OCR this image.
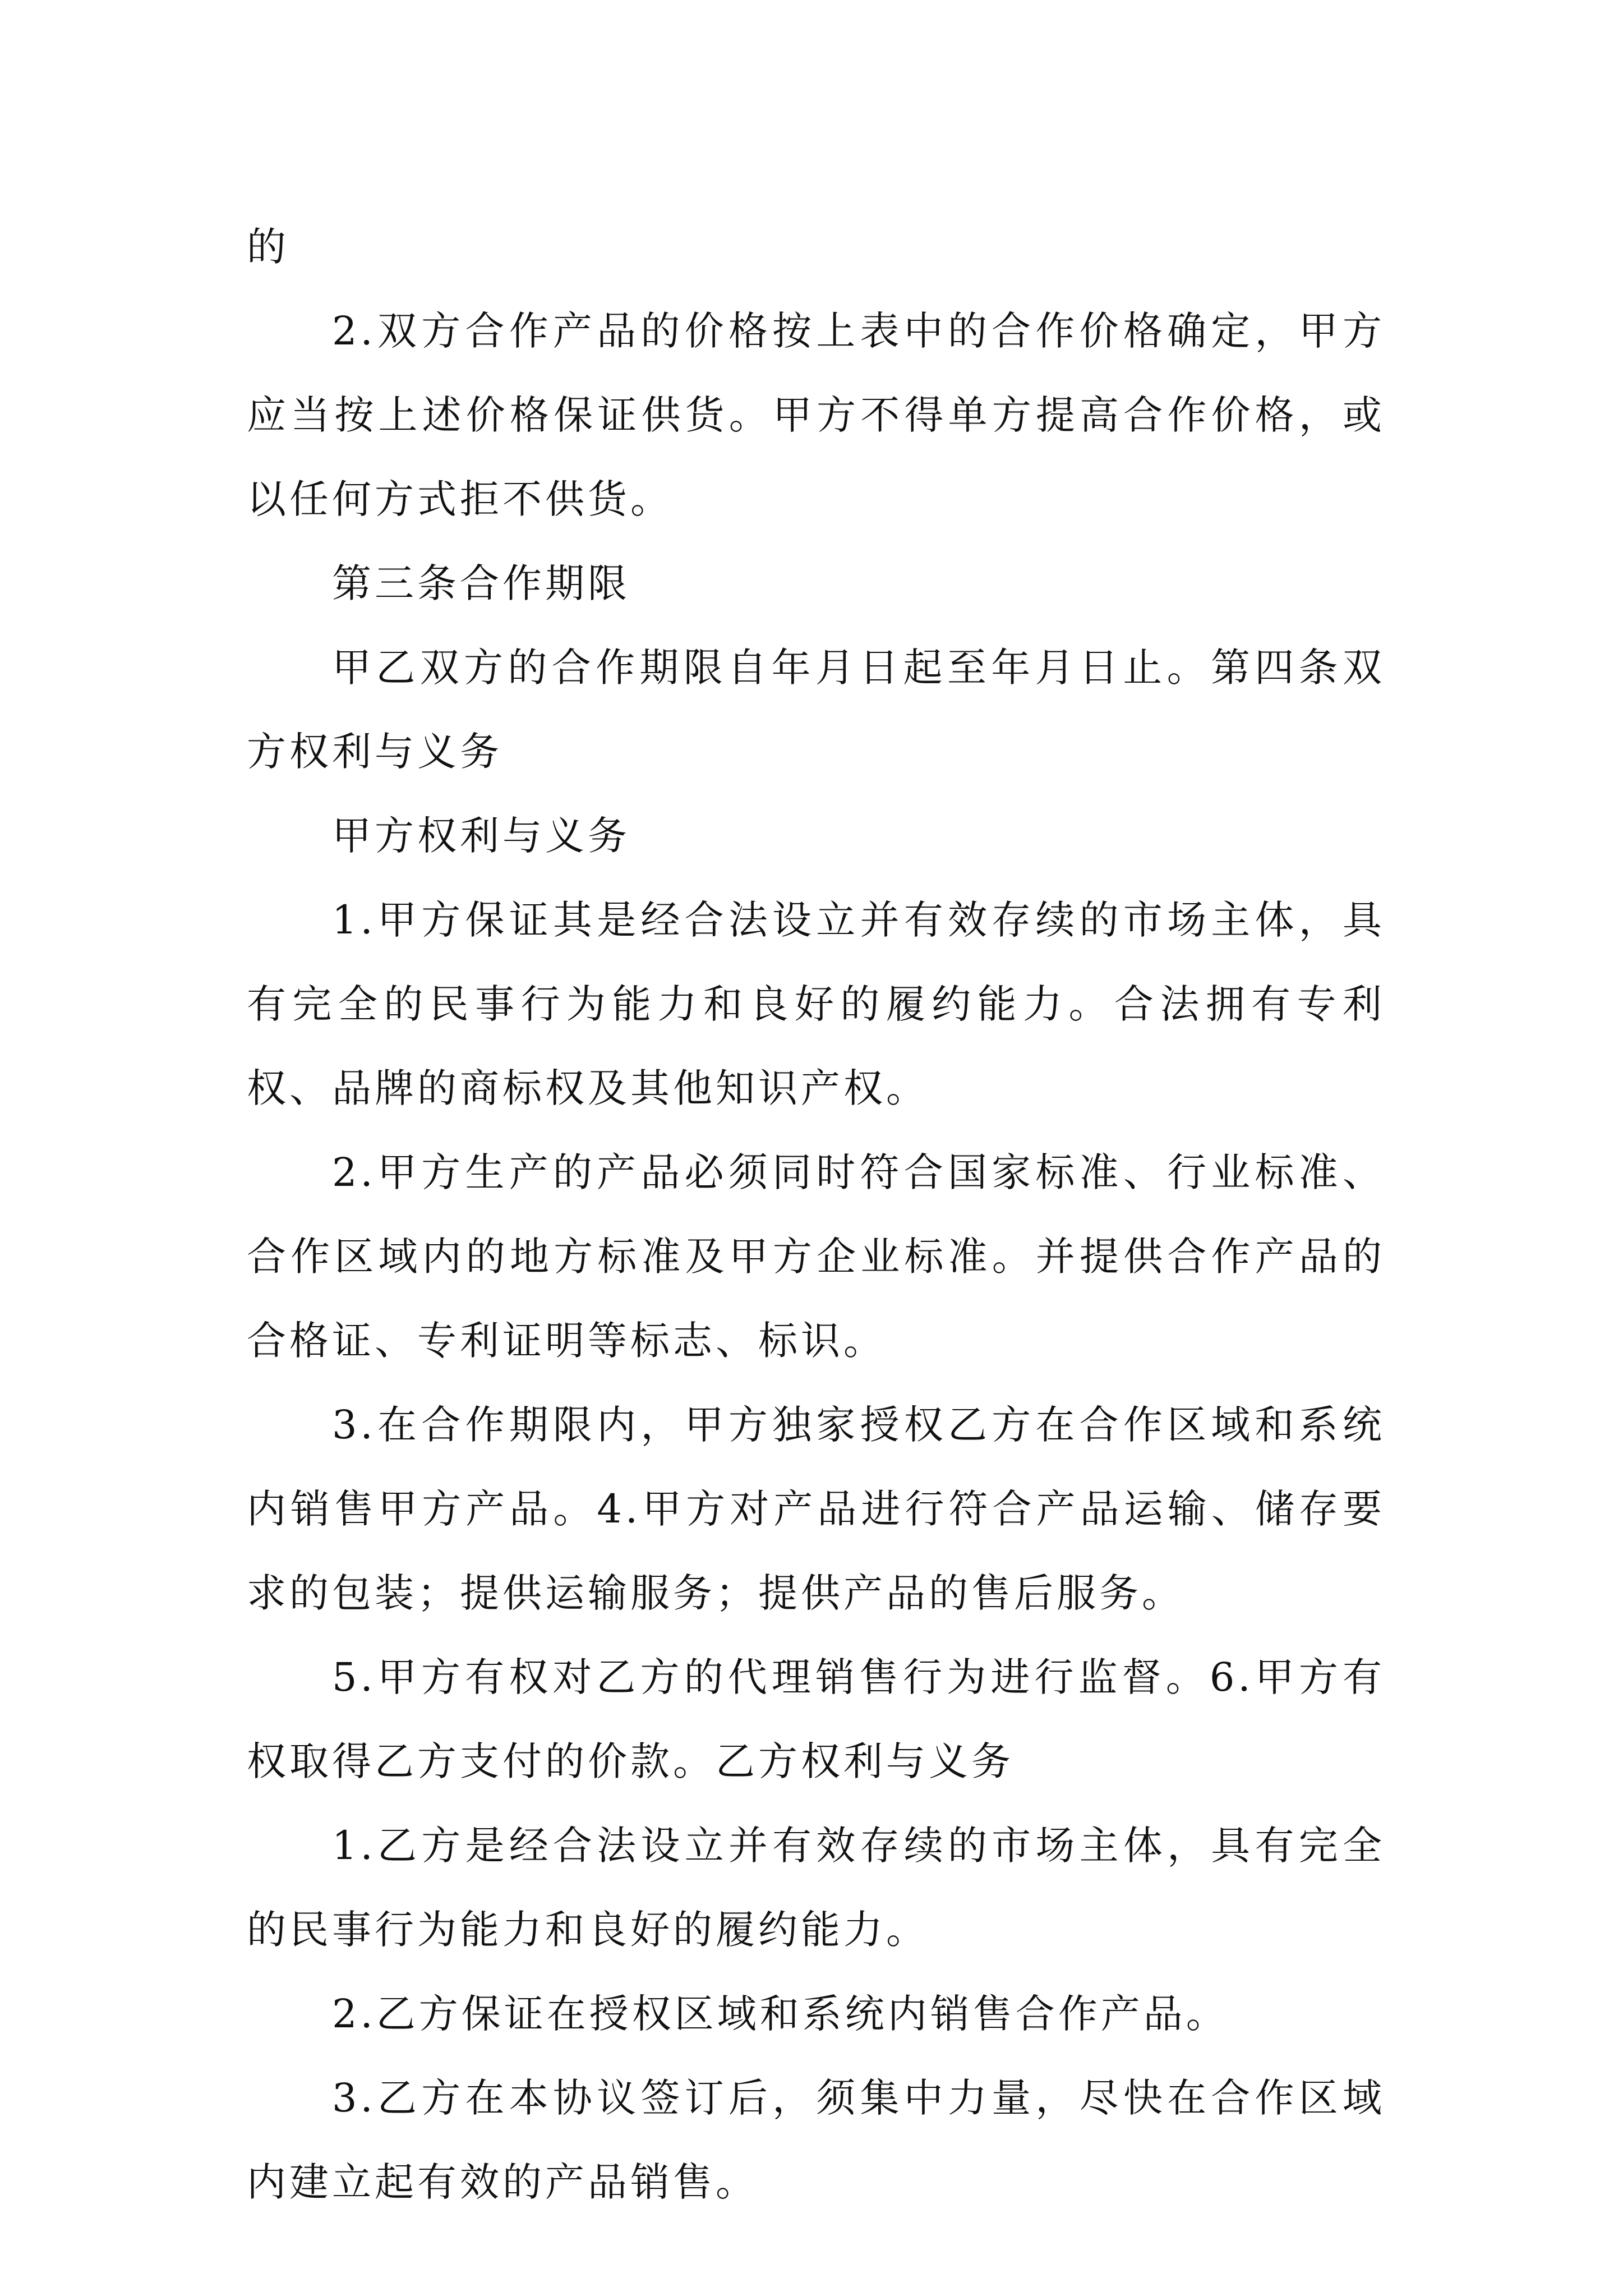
的

2.双方合作产品的价格按上表中的合作价格确定，甲方应当按上述价格保证供货。甲方不得单方提高合作价格，或以任何方式拒不供货。

第三条合作期限

甲乙双方的合作期限自年月日起至年月日止。第四条双方权利与义务

甲方权利与义务

1.甲方保证其是经合法设立并有效存续的市场主体，具有完全的民事行为能力和良好的履约能力。合法拥有专利权、品牌的商标权及其他知识产权。

2.甲方生产的产品必须同时符合国家标准、行业标准、合作区域内的地方标准及甲方企业标准。并提供合作产品的合格证、专利证明等标志、标识。

3.在合作期限内，甲方独家授权乙方在合作区域和系统内销售甲方产品。4.甲方对产品进行符合产品运输、储存要求的包装；提供运输服务；提供产品的售后服务。

5.甲方有权对乙方的代理销售行为进行监督。6.甲方有权取得乙方支付的价款。乙方权利与义务

1.乙方是经合法设立并有效存续的市场主体，具有完全的民事行为能力和良好的履约能力。

2.乙方保证在授权区域和系统内销售合作产品。

3.乙方在本协议签订后，须集中力量，尽快在合作区域内建立起有效的产品销售。
